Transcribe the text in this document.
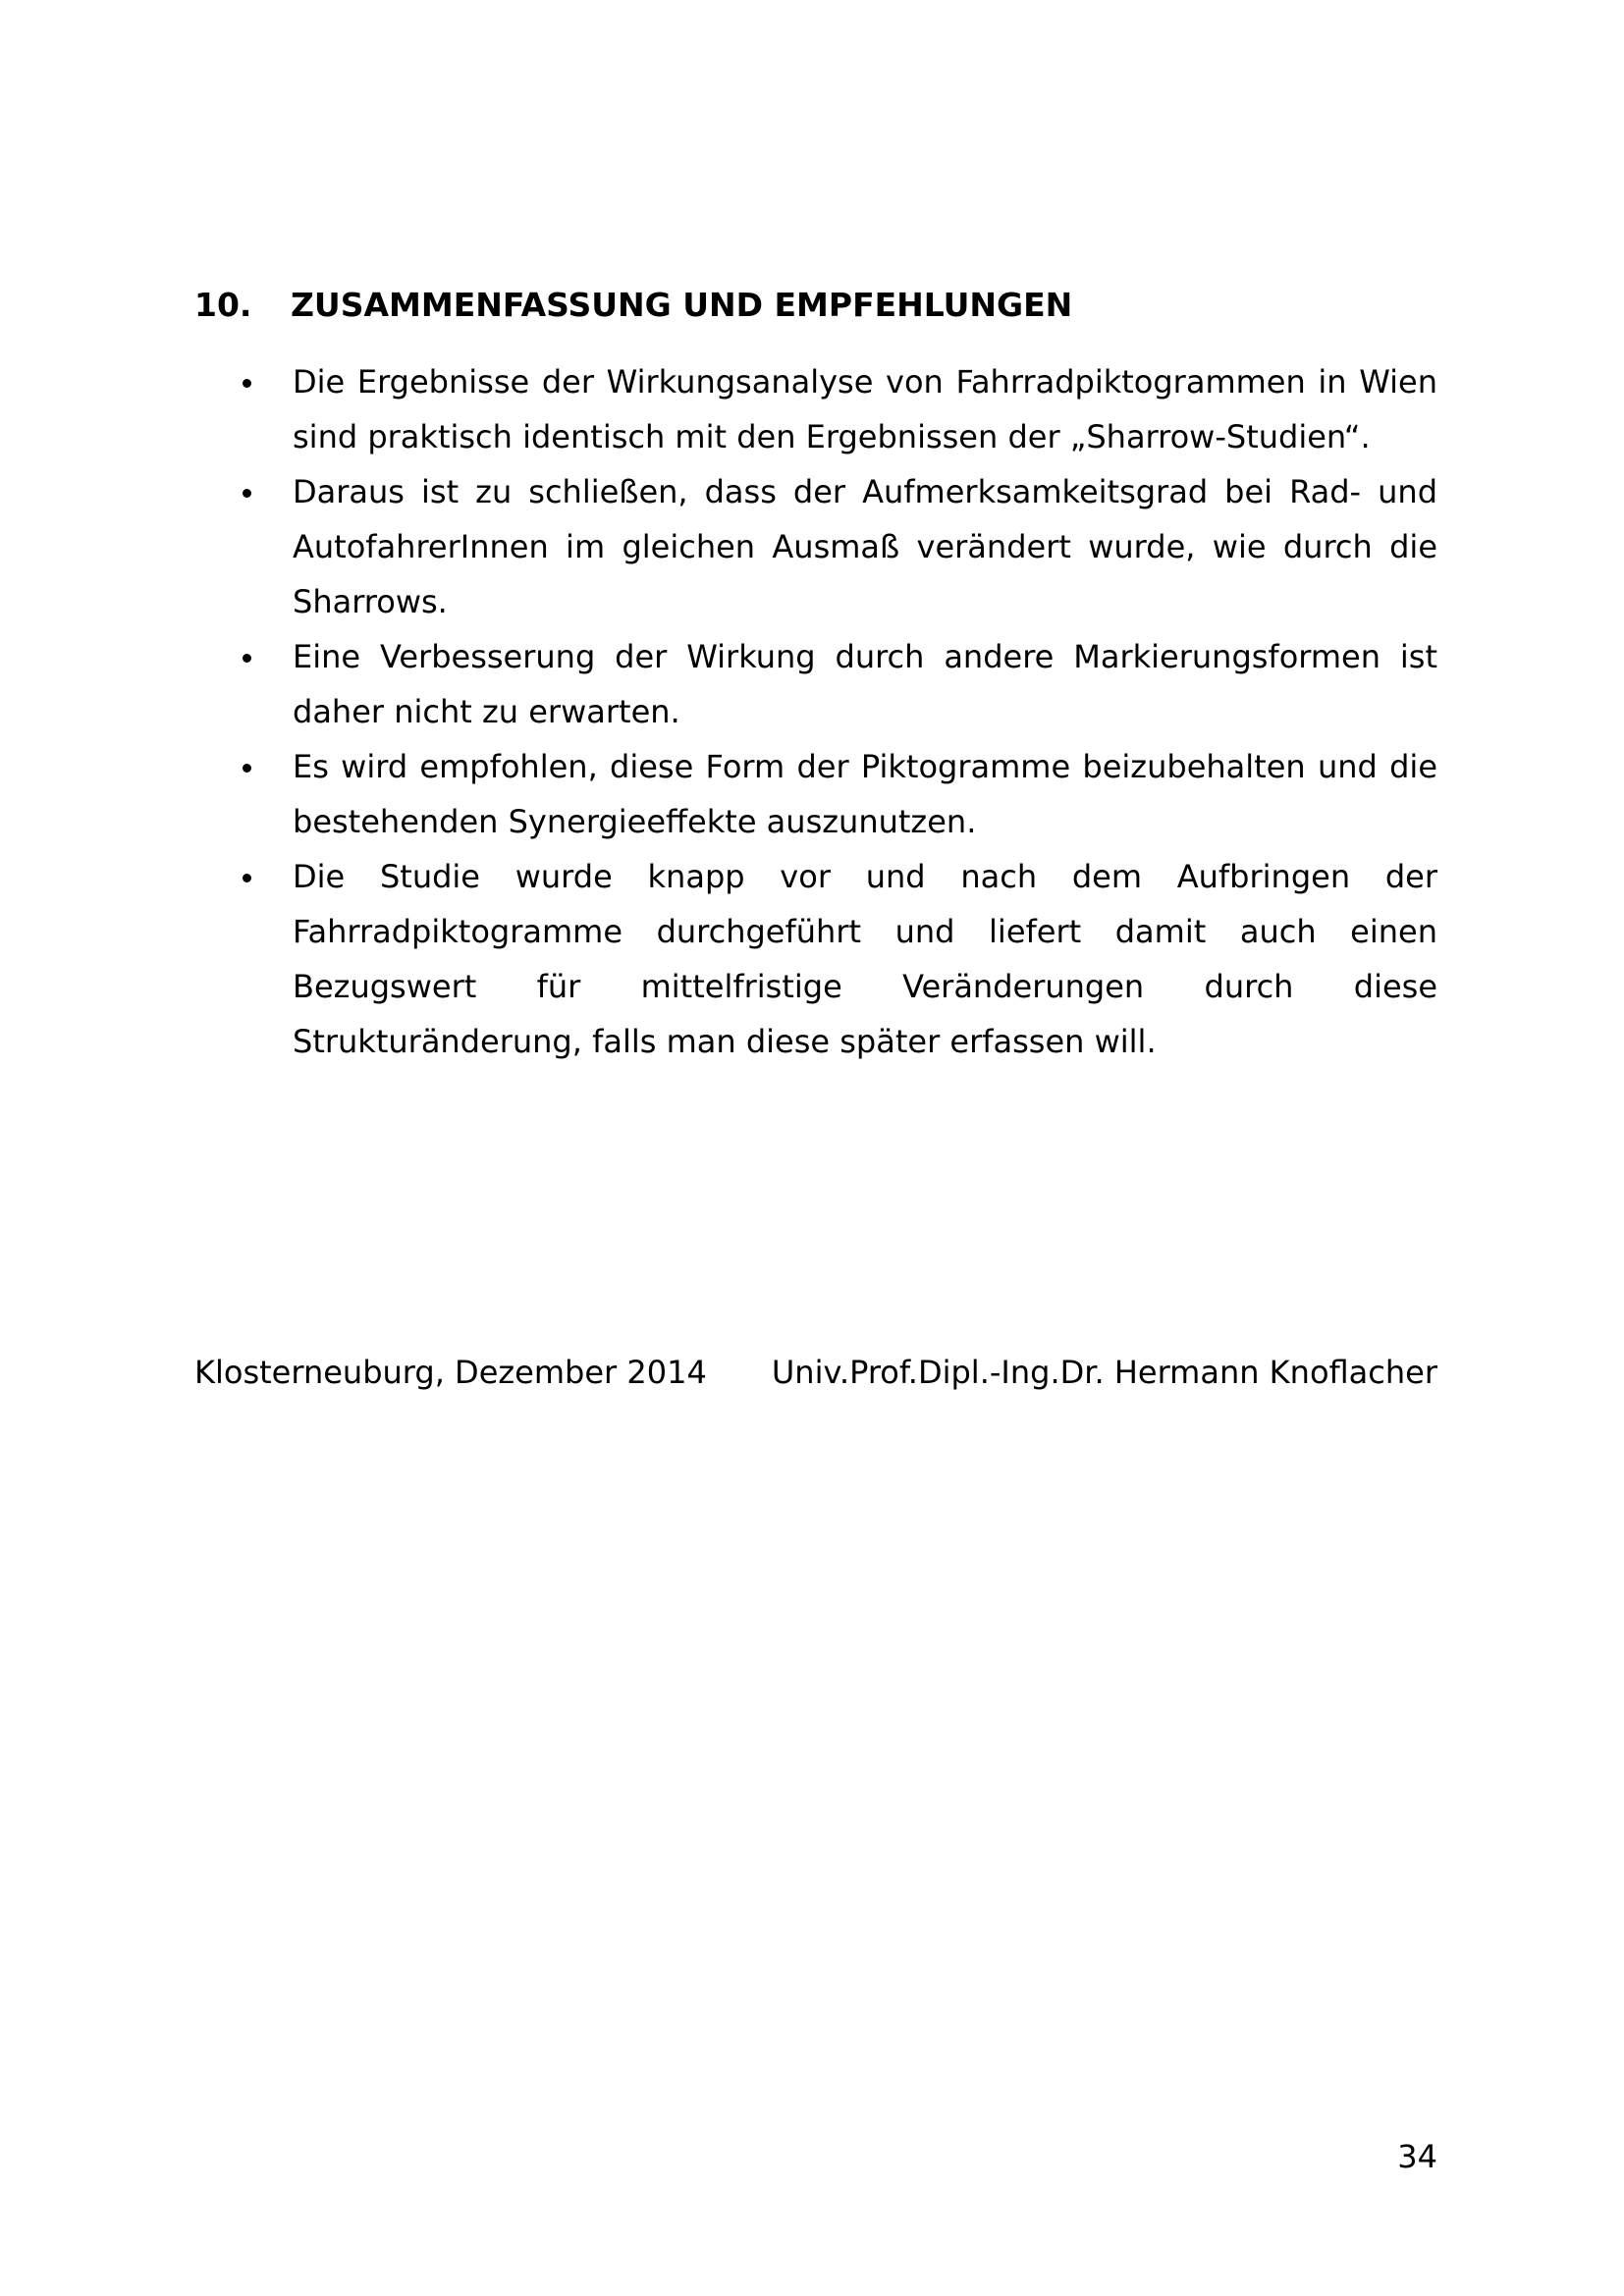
10. ZUSAMMENFASSUNG UND EMPFEHLUNGEN
Die Ergebnisse der Wirkungsanalyse von Fahrradpiktogrammen in Wien sind praktisch identisch mit den Ergebnissen der „Sharrow-Studien“.
Daraus ist zu schließen, dass der Aufmerksamkeitsgrad bei Rad- und AutofahrerInnen im gleichen Ausmaß verändert wurde, wie durch die Sharrows.
Eine Verbesserung der Wirkung durch andere Markierungsformen ist daher nicht zu erwarten.
Es wird empfohlen, diese Form der Piktogramme beizubehalten und die bestehenden Synergieeffekte auszunutzen.
Die Studie wurde knapp vor und nach dem Aufbringen der Fahrradpiktogramme durchgeführt und liefert damit auch einen Bezugswert für mittelfristige Veränderungen durch diese Strukturänderung, falls man diese später erfassen will.
Klosterneuburg, Dezember 2014 Univ.Prof.Dipl.-Ing.Dr. Hermann Knoflacher
34
